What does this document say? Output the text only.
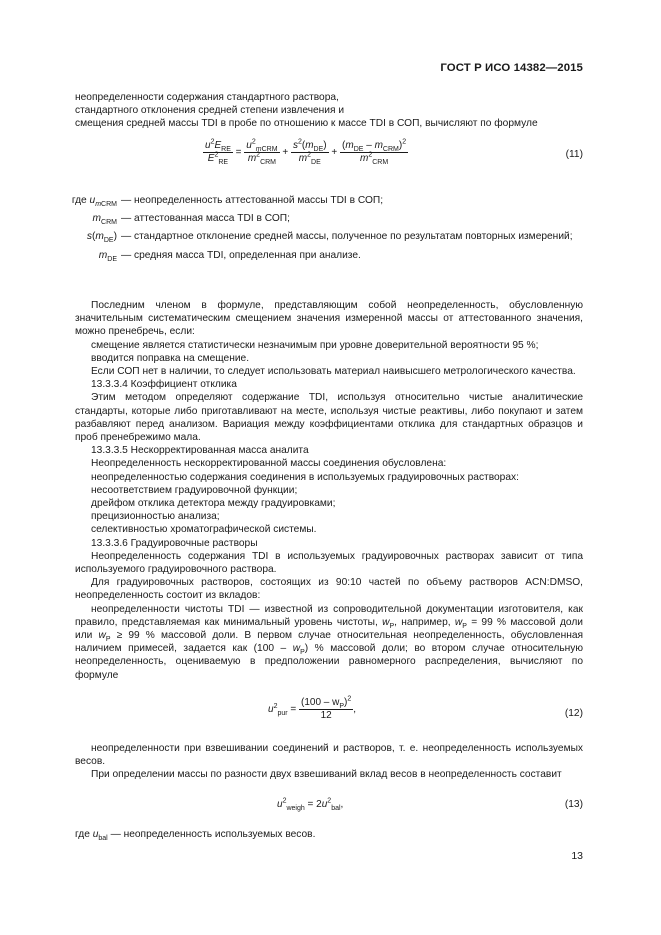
ГОСТ Р ИСО 14382—2015

неопределенности содержания стандартного раствора,

стандартного отклонения средней степени извлечения и

смещения средней массы TDI в пробе по отношению к массе TDI в СОП, вычисляют по формуле

$\frac{u^2E_{RE}}{E^2_{RE}} = \frac{u^2_{mCRM}}{m^2_{CRM}} + \frac{s^2(m_{DE})}{m^2_{DE}} + \frac{(m_{DE} - m_{CRM})^2}{m^2_{CRM}}$	(11)
где $u_{mCRM}$ — неопределенность аттестованной массы TDI в СОП;
$m_{CRM}$ — аттестованная масса TDI в СОП;
$s(m_{DE})$ — стандартное отклонение средней массы, полученное по результатам повторных измерений;
$m_{DE}$ — средняя масса TDI, определенная при анализе.

Последним членом в формуле, представляющим собой неопределенность, обусловленную значительным систематическим смещением значения измеренной массы от аттестованного значения, можно пренебречь, если:

смещение является статистически незначимым при уровне доверительной вероятности 95 %;

вводится поправка на смещение.

Если СОП нет в наличии, то следует использовать материал наивысшего метрологического качества.

13.3.3.4 Коэффициент отклика

Этим методом определяют содержание TDI, используя относительно чистые аналитические стандарты, которые либо приготавливают на месте, используя чистые реактивы, либо покупают и затем разбавляют перед анализом. Вариация между коэффициентами отклика для стандартных образцов и проб пренебрежимо мала.

13.3.3.5 Нескорректированная масса аналита

Неопределенность нескорректированной массы соединения обусловлена:

неопределенностью содержания соединения в используемых градуировочных растворах:

несоответствием градуировочной функции;

дрейфом отклика детектора между градуировками;

прецизионностью анализа;

селективностью хроматографической системы.

13.3.3.6 Градуировочные растворы

Неопределенность содержания TDI в используемых градуировочных растворах зависит от типа используемого градуировочного раствора.

Для градуировочных растворов, состоящих из 90:10 частей по объему растворов ACN:DMSO, неопределенность состоит из вкладов:

неопределенности чистоты TDI — известной из сопроводительной документации изготовителя, как правило, представляемая как минимальный уровень чистоты, $w_P$, например, $w_P = 99$ % массовой доли или $w_P \ge 99$ % массовой доли. В первом случае относительная неопределенность, обусловленная наличием примесей, задается как $(100 - w_P)$ % массовой доли; во втором случае относительную неопределенность, оцениваемую в предположении равномерного распределения, вычисляют по формуле

$u^2_{pur} = \frac{(100 - w_P)^2}{12}$ ,	(12)

неопределенности при взвешивании соединений и растворов, т. е. неопределенность используемых весов.

При определении массы по разности двух взвешиваний вклад весов в неопределенность составит

$u^2_{weigh} = 2u^2_{bal}$,	(13)

где $u_{bal}$ — неопределенность используемых весов.

13
